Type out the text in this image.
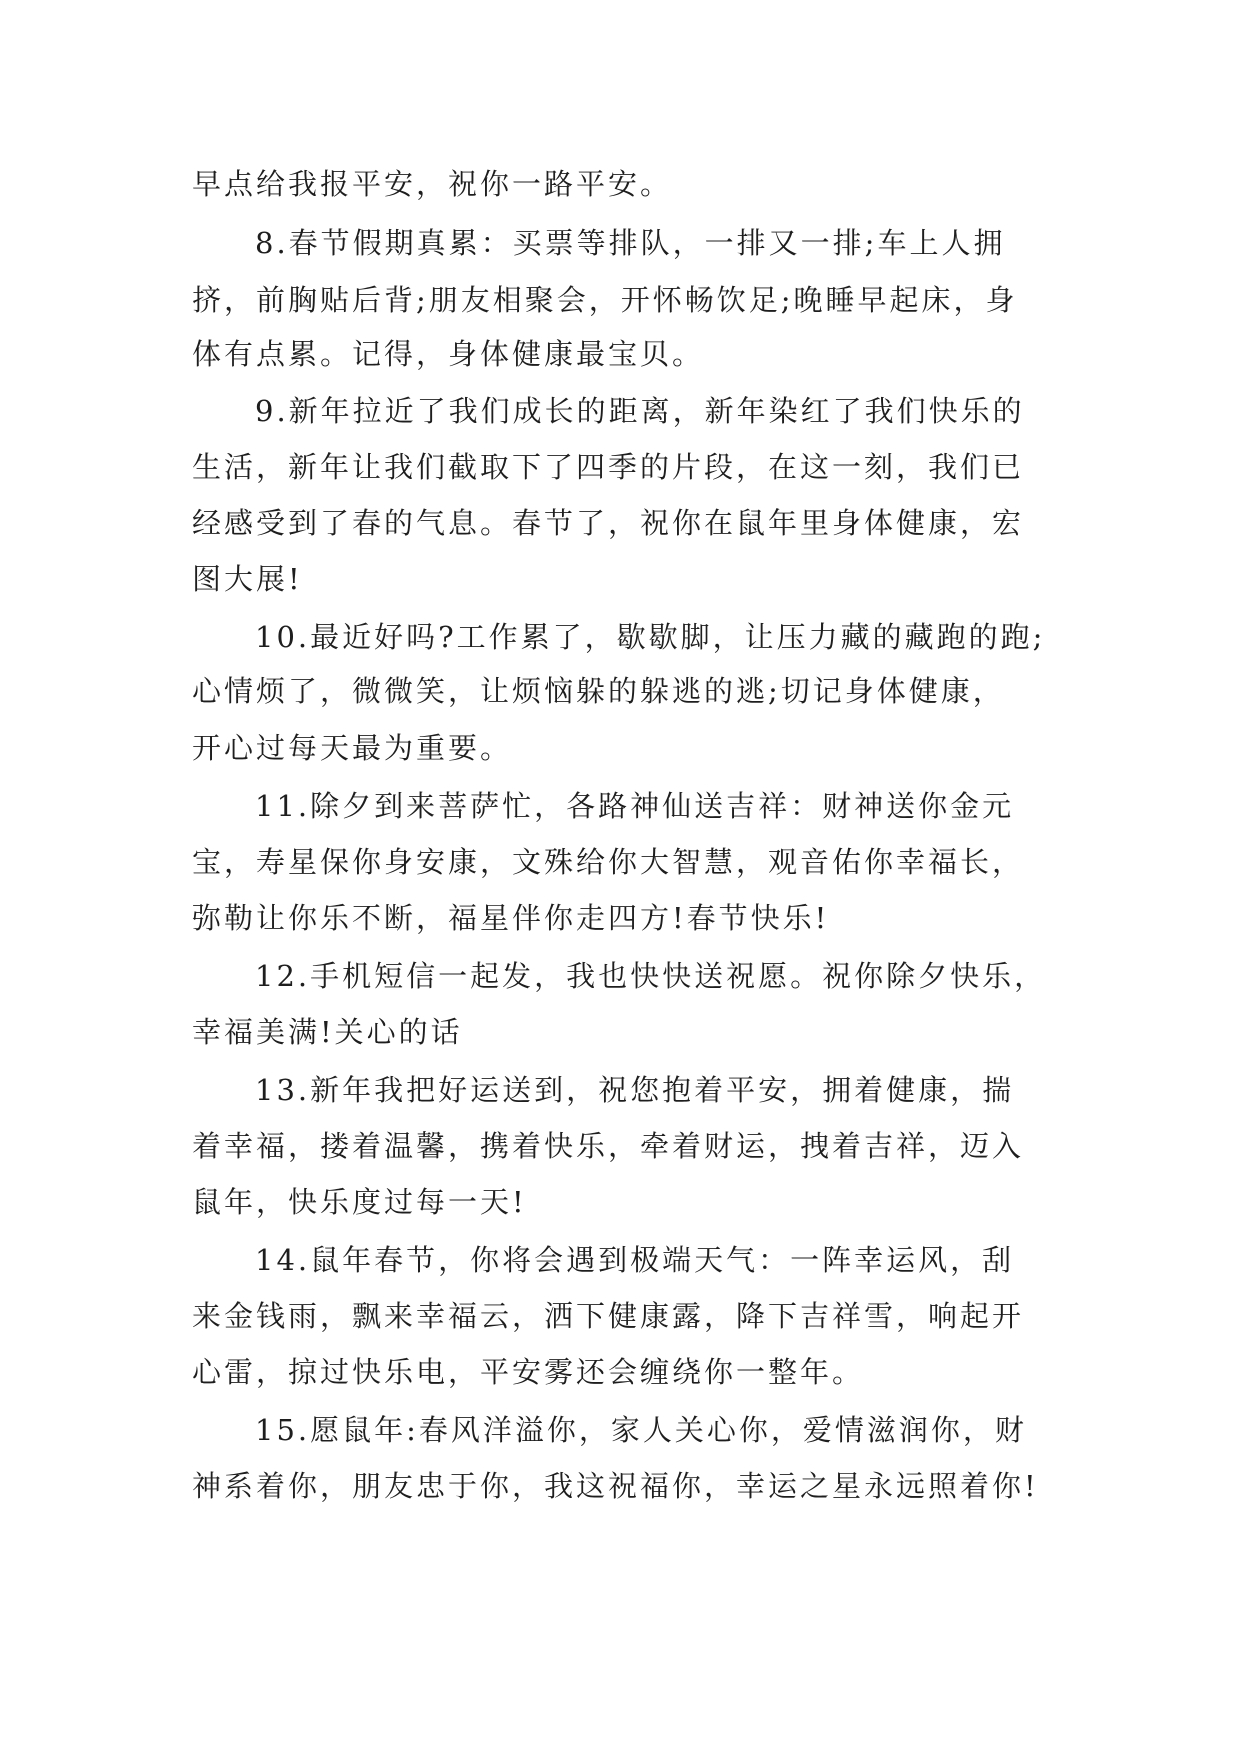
早点给我报平安，祝你一路平安。
8.春节假期真累：买票等排队，一排又一排;车上人拥
挤，前胸贴后背;朋友相聚会，开怀畅饮足;晚睡早起床，身
体有点累。记得，身体健康最宝贝。
9.新年拉近了我们成长的距离，新年染红了我们快乐的
生活，新年让我们截取下了四季的片段，在这一刻，我们已
经感受到了春的气息。春节了，祝你在鼠年里身体健康，宏
图大展!
10.最近好吗?工作累了，歇歇脚，让压力藏的藏跑的跑;
心情烦了，微微笑，让烦恼躲的躲逃的逃;切记身体健康，
开心过每天最为重要。
11.除夕到来菩萨忙，各路神仙送吉祥：财神送你金元
宝，寿星保你身安康，文殊给你大智慧，观音佑你幸福长，
弥勒让你乐不断，福星伴你走四方!春节快乐!
12.手机短信一起发，我也快快送祝愿。祝你除夕快乐，
幸福美满!关心的话
13.新年我把好运送到，祝您抱着平安，拥着健康，揣
着幸福，搂着温馨，携着快乐，牵着财运，拽着吉祥，迈入
鼠年，快乐度过每一天!
14.鼠年春节，你将会遇到极端天气：一阵幸运风，刮
来金钱雨，飘来幸福云，洒下健康露，降下吉祥雪，响起开
心雷，掠过快乐电，平安雾还会缠绕你一整年。
15.愿鼠年:春风洋溢你，家人关心你，爱情滋润你，财
神系着你，朋友忠于你，我这祝福你，幸运之星永远照着你!
